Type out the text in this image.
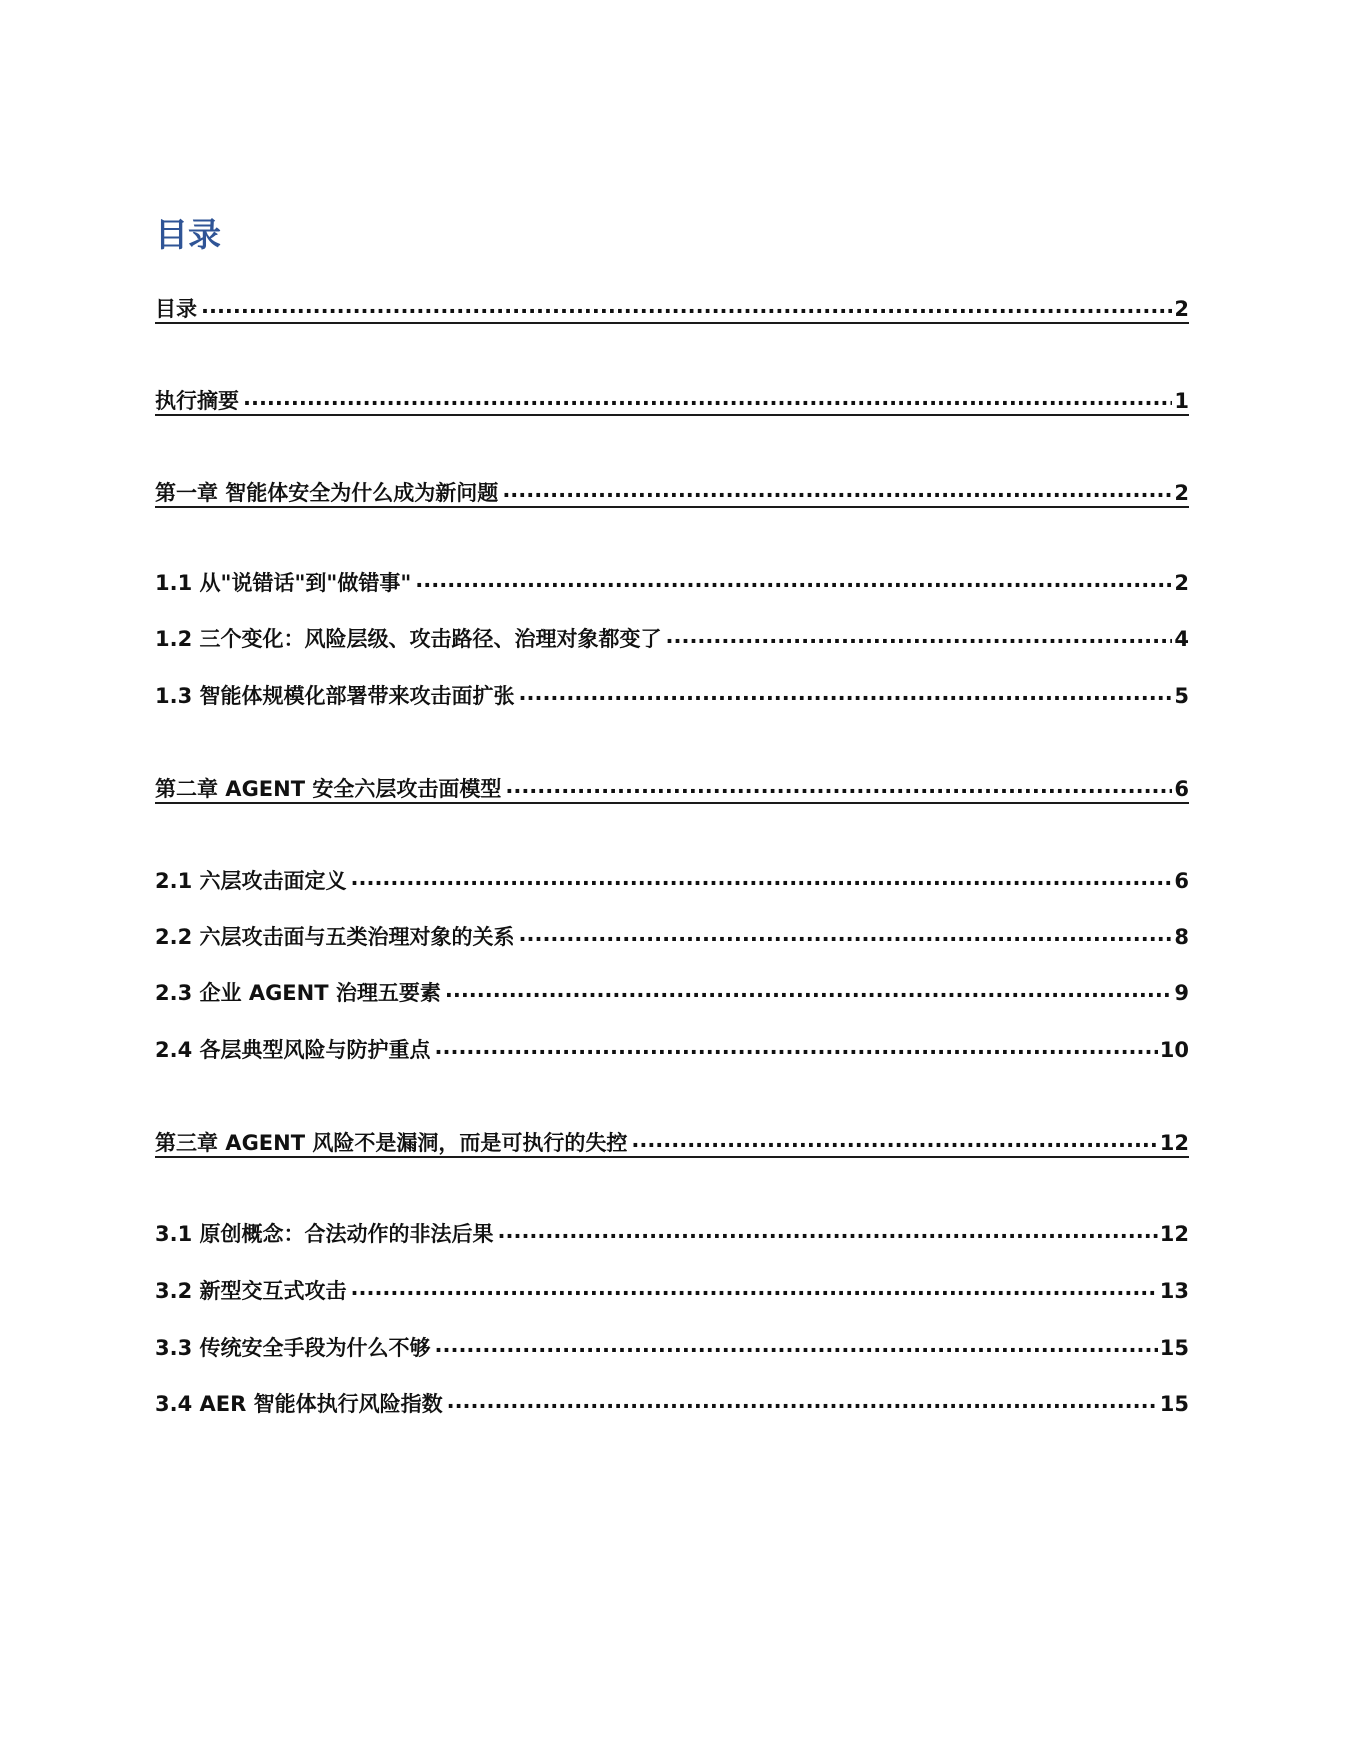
目录
目录 .....	2
执行摘要 .....	1
第一章 智能体安全为什么成为新问题 .....	2
1.1 从"说错话"到"做错事" .....	2
1.2 三个变化：风险层级、攻击路径、治理对象都变了 .....	4
1.3 智能体规模化部署带来攻击面扩张 .....	5
第二章 AGENT 安全六层攻击面模型 .....	6
2.1 六层攻击面定义 .....	6
2.2 六层攻击面与五类治理对象的关系 .....	8
2.3 企业 AGENT 治理五要素 .....	9
2.4 各层典型风险与防护重点 .....	10
第三章 AGENT 风险不是漏洞，而是可执行的失控 .....	12
3.1 原创概念：合法动作的非法后果 .....	12
3.2 新型交互式攻击 .....	13
3.3 传统安全手段为什么不够 .....	15
3.4 AER 智能体执行风险指数 .....	15
